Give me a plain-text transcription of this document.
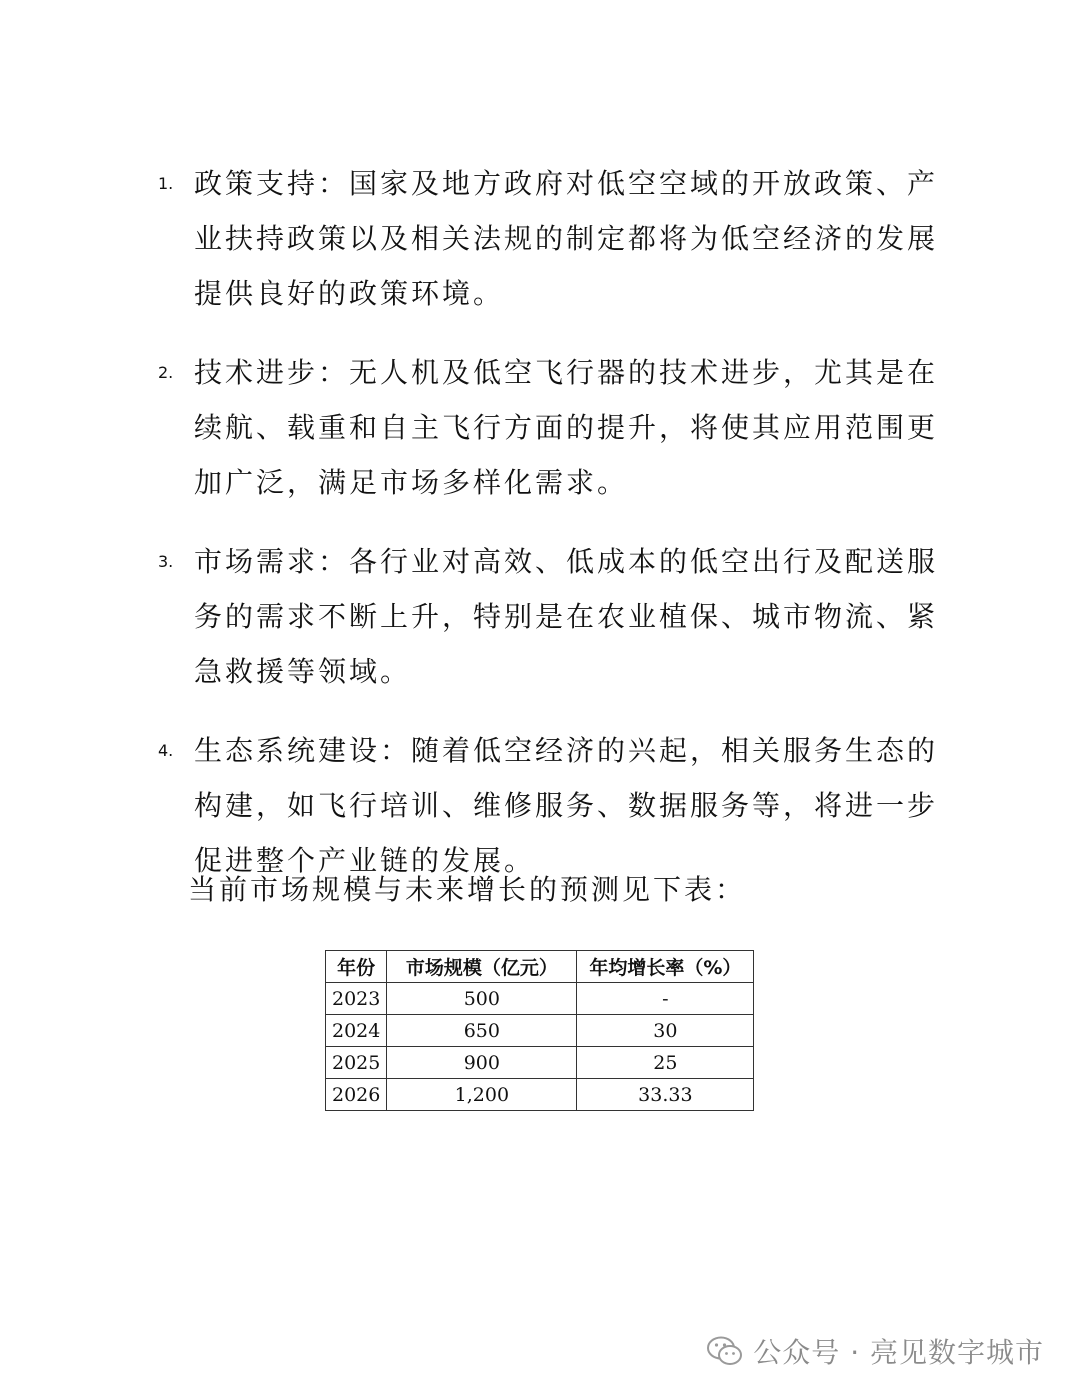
1. 政策支持：国家及地方政府对低空空域的开放政策、产业扶持政策以及相关法规的制定都将为低空经济的发展提供良好的政策环境。
2. 技术进步：无人机及低空飞行器的技术进步，尤其是在续航、载重和自主飞行方面的提升，将使其应用范围更加广泛，满足市场多样化需求。
3. 市场需求：各行业对高效、低成本的低空出行及配送服务的需求不断上升，特别是在农业植保、城市物流、紧急救援等领域。
4. 生态系统建设：随着低空经济的兴起，相关服务生态的构建，如飞行培训、维修服务、数据服务等，将进一步促进整个产业链的发展。
当前市场规模与未来增长的预测见下表：
年份	市场规模（亿元）	年均增长率（%）
2023	500	-
2024	650	30
2025	900	25
2026	1,200	33.33
公众号 · 亮见数字城市
